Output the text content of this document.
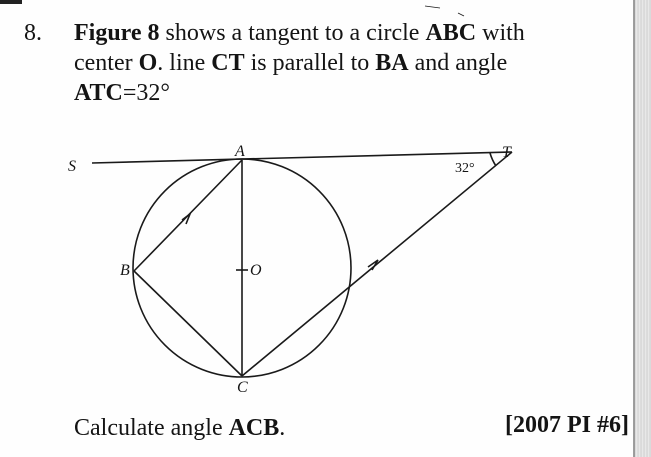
8. Figure 8 shows a tangent to a circle ABC with
center O. line CT is parallel to BA and angle
ATC=32°
S
A	T
B	O
C
32°
Calculate angle ACB.	[2007 PI #6]
